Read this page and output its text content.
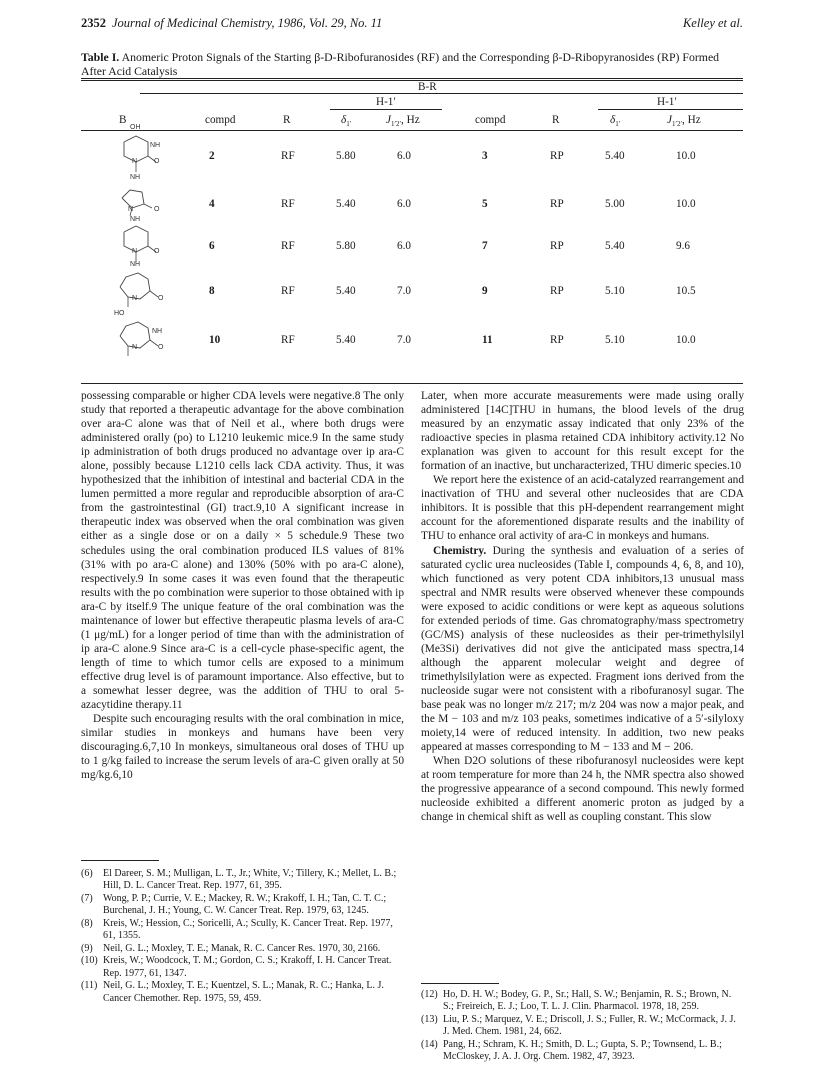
2352 Journal of Medicinal Chemistry, 1986, Vol. 29, No. 11	Kelley et al.
Table I. Anomeric Proton Signals of the Starting β-D-Ribofuranosides (RF) and the Corresponding β-D-Ribopyranosides (RP) Formed After Acid Catalysis
B-R
H-1′	H-1′
B	compd	R	$\delta_{1'}$	$J_{1'2'}$, Hz	compd	R	$\delta_{1'}$	$J_{1'2'}$, Hz
OH
NH
N O	2	RF	5.80	6.0	3	RP	5.40	10.0
NH
N	O	4	RF	5.40	6.0	5	RP	5.00	10.0
NH
N O	6	RF	5.80	6.0	7	RP	5.40	9.6
NH
N	O
8	RF	5.40	7.0	9	RP	5.10	10.5
HO
NH
N	O
10	RF	5.40	7.0	11	RP	5.10	10.0

possessing comparable or higher CDA levels were negative.8 The only study that reported a therapeutic advantage for the above combination over ara-C alone was that of Neil et al., where both drugs were administered orally (po) to L1210 leukemic mice.9 In the same study ip administration of both drugs produced no advantage over ip ara-C alone, possibly because L1210 cells lack CDA activity. Thus, it was hypothesized that the inhibition of intestinal and bacterial CDA in the lumen permitted a more regular and reproducible absorption of ara-C from the gastrointestinal (GI) tract.9,10 A significant increase in therapeutic index was observed when the oral combination was given either as a single dose or on a daily × 5 schedule.9 These two schedules using the oral combination produced ILS values of 81% (31% with po ara-C alone) and 130% (50% with po ara-C alone), respectively.9 In some cases it was even found that the therapeutic results with the po combination were superior to those obtained with ip ara-C by itself.9 The unique feature of the oral combination was the maintenance of lower but effective therapeutic plasma levels of ara-C (1 μg/mL) for a longer period of time than with the administration of ip ara-C alone.9 Since ara-C is a cell-cycle phase-specific agent, the length of time to which tumor cells are exposed to a minimum effective drug level is of paramount importance. Also effective, but to a somewhat lesser degree, was the addition of THU to oral 5-azacytidine therapy.11

Despite such encouraging results with the oral combination in mice, similar studies in monkeys and humans have been very discouraging.6,7,10 In monkeys, simultaneous oral doses of THU up to 1 g/kg failed to increase the serum levels of ara-C given orally at 50 mg/kg.6,10

(6) El Dareer, S. M.; Mulligan, L. T., Jr.; White, V.; Tillery, K.; Mellet, L. B.; Hill, D. L. Cancer Treat. Rep. 1977, 61, 395.
(7) Wong, P. P.; Currie, V. E.; Mackey, R. W.; Krakoff, I. H.; Tan, C. T. C.; Burchenal, J. H.; Young, C. W. Cancer Treat. Rep. 1979, 63, 1245.
(8) Kreis, W.; Hession, C.; Soricelli, A.; Scully, K. Cancer Treat. Rep. 1977, 61, 1355.
(9) Neil, G. L.; Moxley, T. E.; Manak, R. C. Cancer Res. 1970, 30, 2166.
(10) Kreis, W.; Woodcock, T. M.; Gordon, C. S.; Krakoff, I. H. Cancer Treat. Rep. 1977, 61, 1347.
(11) Neil, G. L.; Moxley, T. E.; Kuentzel, S. L.; Manak, R. C.; Hanka, L. J. Cancer Chemother. Rep. 1975, 59, 459.

Later, when more accurate measurements were made using orally administered [14C]THU in humans, the blood levels of the drug measured by an enzymatic assay indicated that only 23% of the radioactive species in plasma retained CDA inhibitory activity.12 No explanation was given to account for this result except for the formation of an inactive, but uncharacterized, THU dimeric species.10

We report here the existence of an acid-catalyzed rearrangement and inactivation of THU and several other nucleosides that are CDA inhibitors. It is possible that this pH-dependent rearrangement might account for the aforementioned disparate results and the inability of THU to enhance oral activity of ara-C in monkeys and humans.

Chemistry. During the synthesis and evaluation of a series of saturated cyclic urea nucleosides (Table I, compounds 4, 6, 8, and 10), which functioned as very potent CDA inhibitors,13 unusual mass spectral and NMR results were observed whenever these compounds were exposed to acidic conditions or were kept as aqueous solutions for extended periods of time. Gas chromatography/mass spectrometry (GC/MS) analysis of these nucleosides as their per-trimethylsilyl (Me3Si) derivatives did not give the anticipated mass spectra,14 although the apparent molecular weight and degree of trimethylsilylation were as expected. Fragment ions derived from the nucleoside sugar were not consistent with a ribofuranosyl sugar. The base peak was no longer m/z 217; m/z 204 was now a major peak, and the M − 103 and m/z 103 peaks, sometimes indicative of a 5′-silyloxy moiety,14 were of reduced intensity. In addition, two new peaks appeared at masses corresponding to M − 133 and M − 206.

When D2O solutions of these ribofuranosyl nucleosides were kept at room temperature for more than 24 h, the NMR spectra also showed the progressive appearance of a second compound. This newly formed nucleoside exhibited a different anomeric proton as judged by a change in chemical shift as well as coupling constant. This slow

(12) Ho, D. H. W.; Bodey, G. P., Sr.; Hall, S. W.; Benjamin, R. S.; Brown, N. S.; Freireich, E. J.; Loo, T. L. J. Clin. Pharmacol. 1978, 18, 259.
(13) Liu, P. S.; Marquez, V. E.; Driscoll, J. S.; Fuller, R. W.; McCormack, J. J. J. Med. Chem. 1981, 24, 662.
(14) Pang, H.; Schram, K. H.; Smith, D. L.; Gupta, S. P.; Townsend, L. B.; McCloskey, J. A. J. Org. Chem. 1982, 47, 3923.
